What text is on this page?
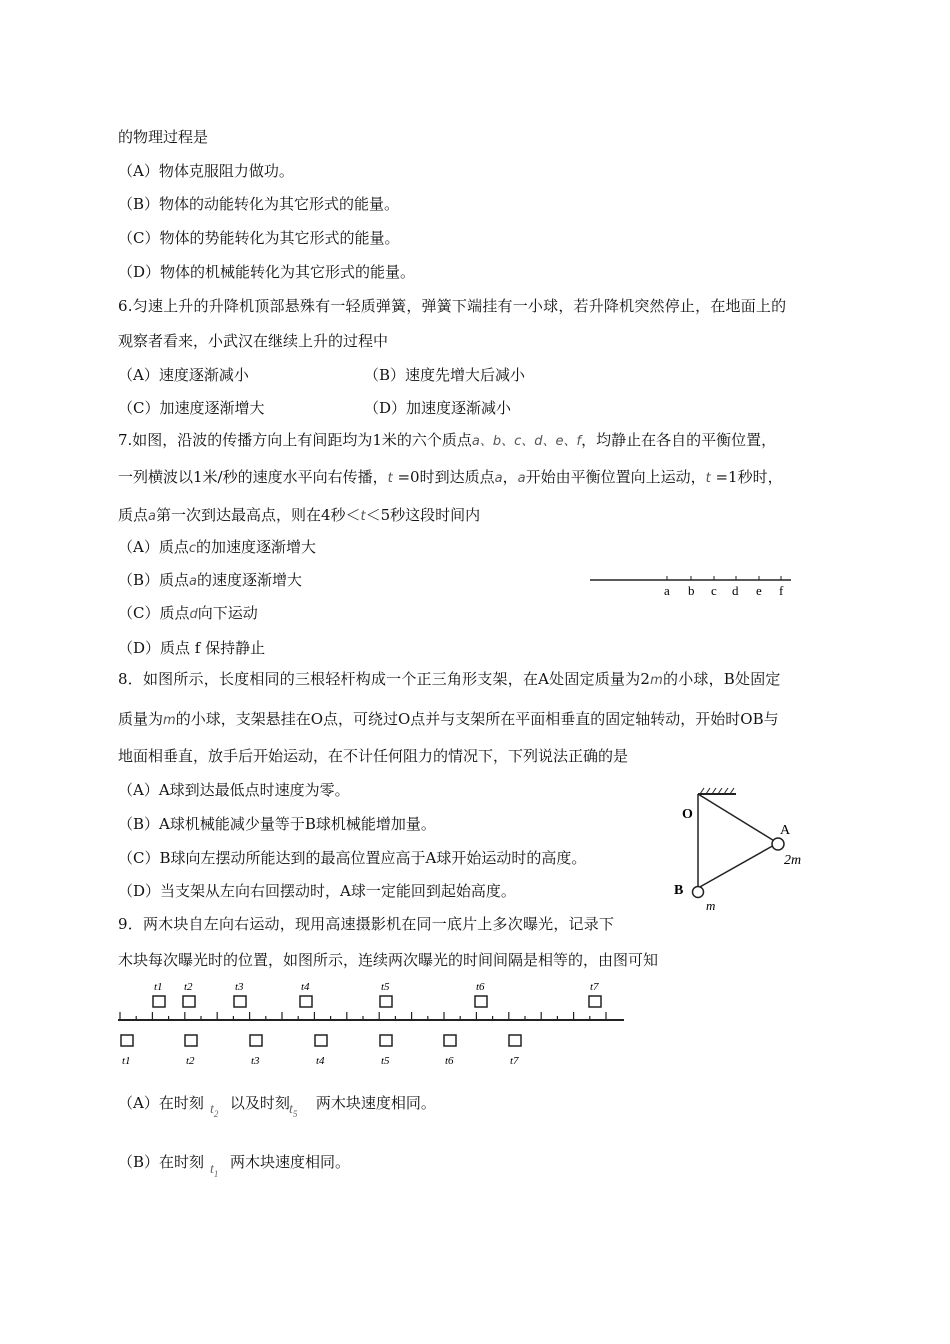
的物理过程是
（A）物体克服阻力做功。
（B）物体的动能转化为其它形式的能量。
（C）物体的势能转化为其它形式的能量。
（D）物体的机械能转化为其它形式的能量。
6.匀速上升的升降机顶部悬殊有一轻质弹簧，弹簧下端挂有一小球，若升降机突然停止，在地面上的
观察者看来，小武汉在继续上升的过程中
（A）速度逐渐减小	（B）速度先增大后减小
（C）加速度逐渐增大	（D）加速度逐渐减小
7.如图，沿波的传播方向上有间距均为1米的六个质点a、b、c、d、e、f，均静止在各自的平衡位置，
一列横波以1米/秒的速度水平向右传播，t =0时到达质点a，a开始由平衡位置向上运动，t =1秒时，
质点a第一次到达最高点，则在4秒＜t＜5秒这段时间内
（A）质点c的加速度逐渐增大
（B）质点a的速度逐渐增大
（C）质点d向下运动
（D）质点 f 保持静止
a b c d e f
8．如图所示，长度相同的三根轻杆构成一个正三角形支架，在A处固定质量为2m的小球，B处固定
质量为m的小球，支架悬挂在O点，可绕过O点并与支架所在平面相垂直的固定轴转动，开始时OB与
地面相垂直，放手后开始运动，在不计任何阻力的情况下，下列说法正确的是
（A）A球到达最低点时速度为零。
（B）A球机械能减少量等于B球机械能增加量。
（C）B球向左摆动所能达到的最高位置应高于A球开始运动时的高度。
（D）当支架从左向右回摆动时，A球一定能回到起始高度。
O
A
2m
B
m
9．两木块自左向右运动，现用高速摄影机在同一底片上多次曝光，记录下
木块每次曝光时的位置，如图所示，连续两次曝光的时间间隔是相等的，由图可知
t1 t2	t3	t4	t5	t6	t7
t1	t2	t3	t4	t5	t6	t7
（A）在时刻 以及时刻 两木块速度相同。
$t_2$	$t_5$
（B）在时刻 两木块速度相同。
$t_1$
